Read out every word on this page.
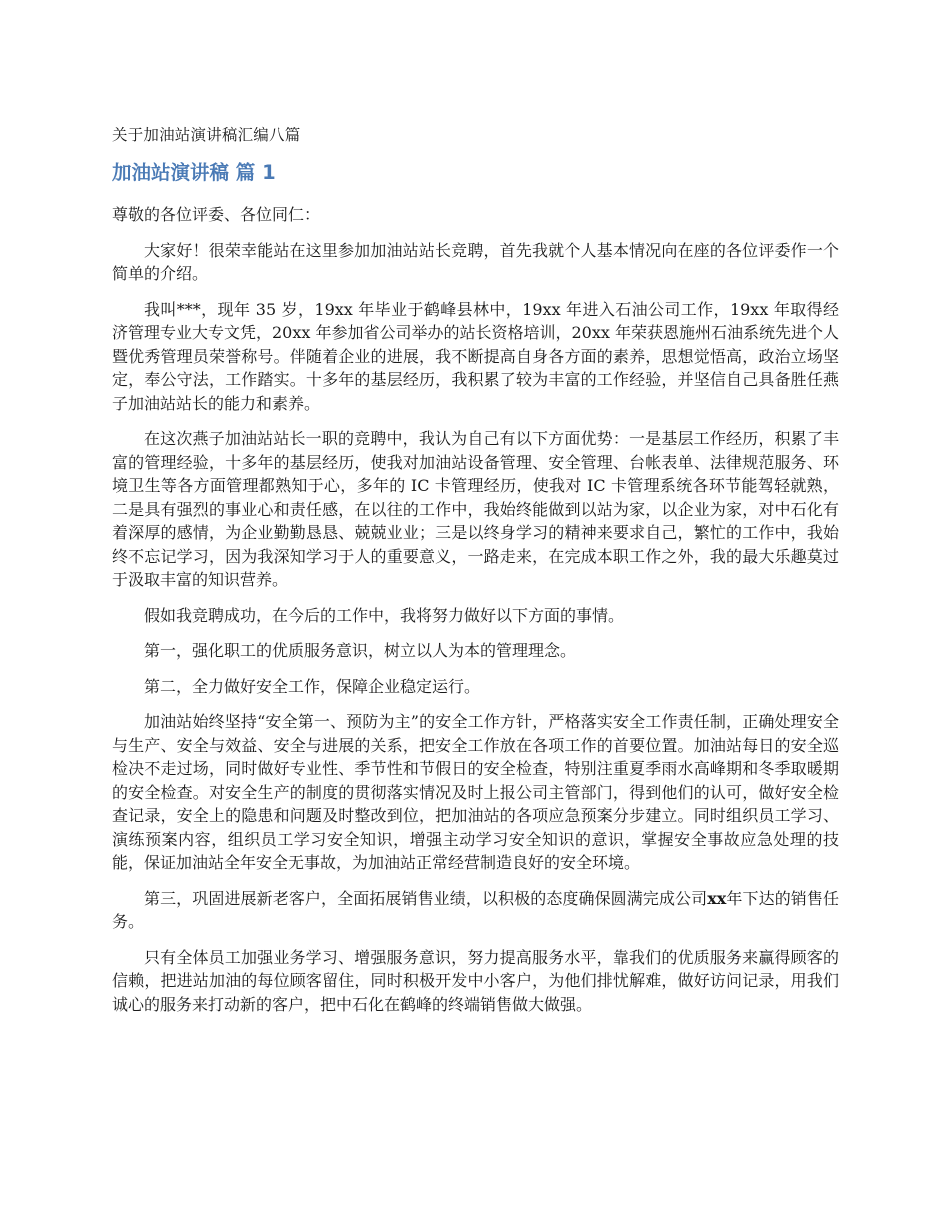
关于加油站演讲稿汇编八篇
加油站演讲稿 篇 1

尊敬的各位评委、各位同仁：

大家好！很荣幸能站在这里参加加油站站长竞聘，首先我就个人基本情况向在座的各位评委作一个简单的介绍。

我叫***，现年 35 岁，19xx 年毕业于鹤峰县林中，19xx 年进入石油公司工作，19xx 年取得经济管理专业大专文凭，20xx 年参加省公司举办的站长资格培训，20xx 年荣获恩施州石油系统先进个人暨优秀管理员荣誉称号。伴随着企业的进展，我不断提高自身各方面的素养，思想觉悟高，政治立场坚定，奉公守法，工作踏实。十多年的基层经历，我积累了较为丰富的工作经验，并坚信自己具备胜任燕子加油站站长的能力和素养。

在这次燕子加油站站长一职的竞聘中，我认为自己有以下方面优势：一是基层工作经历，积累了丰富的管理经验，十多年的基层经历，使我对加油站设备管理、安全管理、台帐表单、法律规范服务、环境卫生等各方面管理都熟知于心，多年的 IC 卡管理经历，使我对 IC 卡管理系统各环节能驾轻就熟，二是具有强烈的事业心和责任感，在以往的工作中，我始终能做到以站为家，以企业为家，对中石化有着深厚的感情，为企业勤勤恳恳、兢兢业业；三是以终身学习的精神来要求自己，繁忙的工作中，我始终不忘记学习，因为我深知学习于人的重要意义，一路走来，在完成本职工作之外，我的最大乐趣莫过于汲取丰富的知识营养。

假如我竞聘成功，在今后的工作中，我将努力做好以下方面的事情。

第一，强化职工的优质服务意识，树立以人为本的管理理念。

第二，全力做好安全工作，保障企业稳定运行。

加油站始终坚持“安全第一、预防为主”的安全工作方针，严格落实安全工作责任制，正确处理安全与生产、安全与效益、安全与进展的关系，把安全工作放在各项工作的首要位置。加油站每日的安全巡检决不走过场，同时做好专业性、季节性和节假日的安全检查，特别注重夏季雨水高峰期和冬季取暖期的安全检查。对安全生产的制度的贯彻落实情况及时上报公司主管部门，得到他们的认可，做好安全检查记录，安全上的隐患和问题及时整改到位，把加油站的各项应急预案分步建立。同时组织员工学习、演练预案内容，组织员工学习安全知识，增强主动学习安全知识的意识，掌握安全事故应急处理的技能，保证加油站全年安全无事故，为加油站正常经营制造良好的安全环境。

第三，巩固进展新老客户，全面拓展销售业绩，以积极的态度确保圆满完成公司xx年下达的销售任务。

只有全体员工加强业务学习、增强服务意识，努力提高服务水平，靠我们的优质服务来赢得顾客的信赖，把进站加油的每位顾客留住，同时积极开发中小客户，为他们排忧解难，做好访问记录，用我们诚心的服务来打动新的客户，把中石化在鹤峰的终端销售做大做强。
